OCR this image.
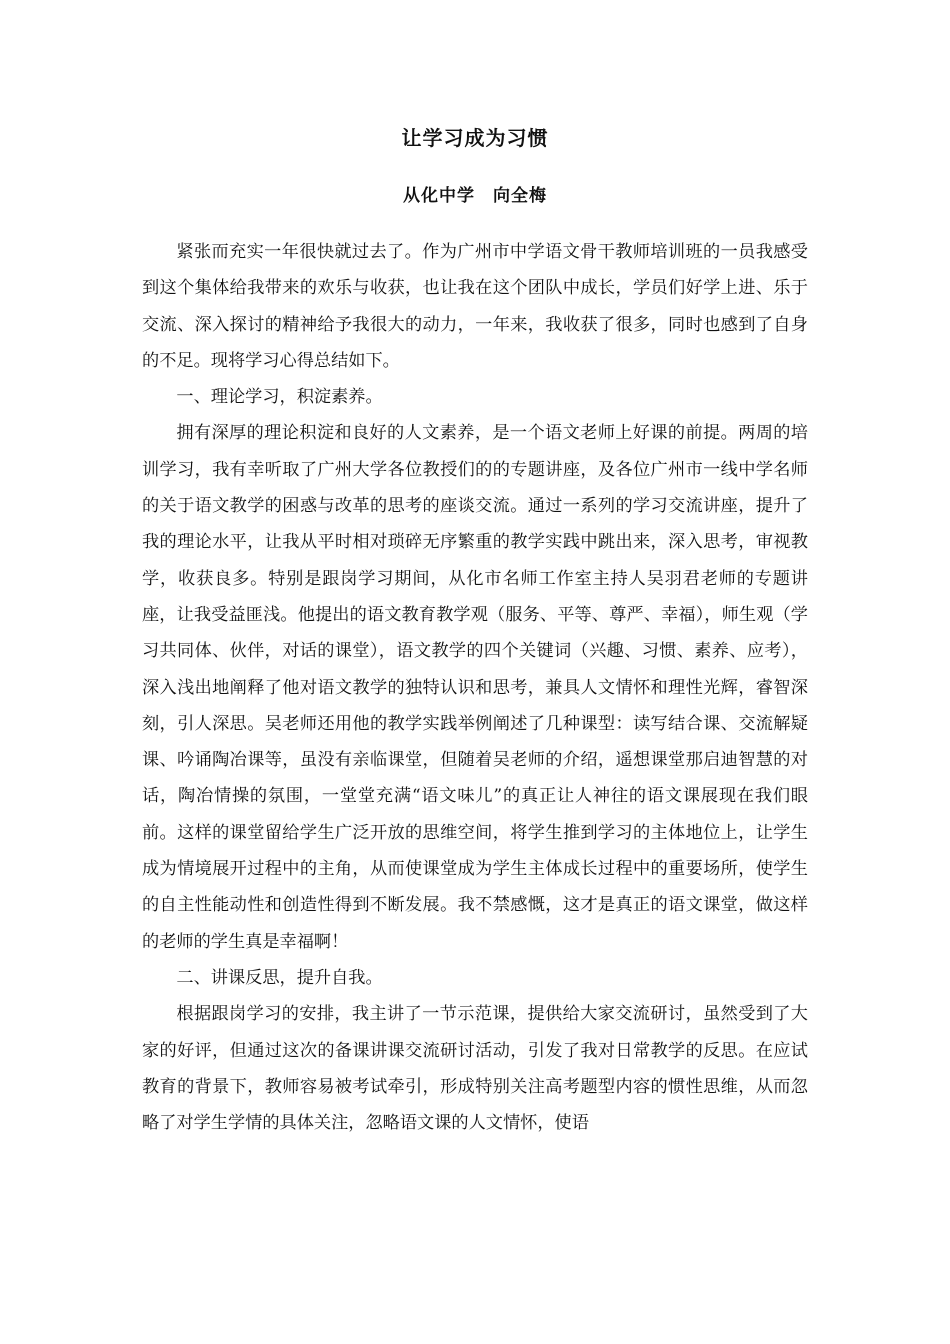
让学习成为习惯
从化中学　向全梅

紧张而充实一年很快就过去了。作为广州市中学语文骨干教师培训班的一员我感受到这个集体给我带来的欢乐与收获，也让我在这个团队中成长，学员们好学上进、乐于交流、深入探讨的精神给予我很大的动力，一年来，我收获了很多，同时也感到了自身的不足。现将学习心得总结如下。

一、理论学习，积淀素养。

拥有深厚的理论积淀和良好的人文素养，是一个语文老师上好课的前提。两周的培训学习，我有幸听取了广州大学各位教授们的的专题讲座，及各位广州市一线中学名师的关于语文教学的困惑与改革的思考的座谈交流。通过一系列的学习交流讲座，提升了我的理论水平，让我从平时相对琐碎无序繁重的教学实践中跳出来，深入思考，审视教学，收获良多。特别是跟岗学习期间，从化市名师工作室主持人吴羽君老师的专题讲座，让我受益匪浅。他提出的语文教育教学观（服务、平等、尊严、幸福），师生观（学习共同体、伙伴，对话的课堂），语文教学的四个关键词（兴趣、习惯、素养、应考），深入浅出地阐释了他对语文教学的独特认识和思考，兼具人文情怀和理性光辉，睿智深刻，引人深思。吴老师还用他的教学实践举例阐述了几种课型：读写结合课、交流解疑课、吟诵陶冶课等，虽没有亲临课堂，但随着吴老师的介绍，遥想课堂那启迪智慧的对话，陶冶情操的氛围，一堂堂充满“语文味儿”的真正让人神往的语文课展现在我们眼前。这样的课堂留给学生广泛开放的思维空间，将学生推到学习的主体地位上，让学生成为情境展开过程中的主角，从而使课堂成为学生主体成长过程中的重要场所，使学生的自主性能动性和创造性得到不断发展。我不禁感慨，这才是真正的语文课堂，做这样的老师的学生真是幸福啊！

二、讲课反思，提升自我。

根据跟岗学习的安排，我主讲了一节示范课，提供给大家交流研讨，虽然受到了大家的好评，但通过这次的备课讲课交流研讨活动，引发了我对日常教学的反思。在应试教育的背景下，教师容易被考试牵引，形成特别关注高考题型内容的惯性思维，从而忽略了对学生学情的具体关注，忽略语文课的人文情怀，使语
